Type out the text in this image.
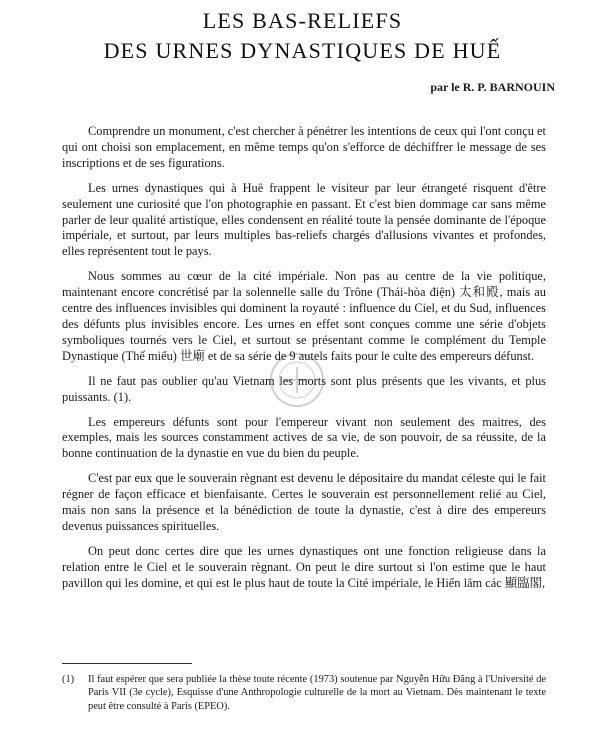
LES BAS-RELIEFS
DES URNES DYNASTIQUES DE HUẾ
par le R. P. BARNOUIN

Comprendre un monument, c'est chercher à pénétrer les intentions de ceux qui l'ont conçu et qui ont choisi son emplacement, en même temps qu'on s'efforce de déchiffrer le message de ses inscriptions et de ses figurations.

Les urnes dynastiques qui à Huê frappent le visiteur par leur étrangeté risquent d'être seulement une curiosité que l'on photographie en passant. Et c'est bien dommage car sans même parler de leur qualité artistique, elles condensent en réalité toute la pensée dominante de l'époque impériale, et surtout, par leurs multiples bas-reliefs chargés d'allusions vivantes et profondes, elles représentent tout le pays.

Nous sommes au cœur de la cité impériale. Non pas au centre de la vie politique, maintenant encore concrétisé par la solennelle salle du Trône (Thái-hòa điện) 太和殿, mais au centre des influences invisibles qui dominent la royauté : influence du Ciel, et du Sud, influences des défunts plus invisibles encore. Les urnes en effet sont conçues comme une série d'objets symboliques tournés vers le Ciel, et surtout se présentant comme le complément du Temple Dynastique (Thế miếu) 世廟 et de sa série de 9 autels faits pour le culte des empereurs défunst.

Il ne faut pas oublier qu'au Vietnam les morts sont plus présents que les vivants, et plus puissants. (1).

Les empereurs défunts sont pour l'empereur vivant non seulement des maitres, des exemples, mais les sources constamment actives de sa vie, de son pouvoir, de sa réussite, de la bonne continuation de la dynastie en vue du bien du peuple.

C'est par eux que le souverain règnant est devenu le dépositaire du mandat céleste qui le fait régner de façon efficace et bienfaisante. Certes le souverain est personnellement relié au Ciel, mais non sans la présence et la bénédiction de toute la dynastie, c'est à dire des empereurs devenus puissances spirituelles.

On peut donc certes dire que les urnes dynastiques ont une fonction religieuse dans la relation entre le Ciel et le souverain règnant. On peut le dire surtout si l'on estime que le haut pavillon qui les domine, et qui est le plus haut de toute la Cité impériale, le Hiển lâm các 顯臨閣,

(1)	Il faut espérer que sera publiée la thèse toute récente (1973) soutenue par Nguyễn Hữu Đăng à l'Université de Paris VII (3e cycle), Esquisse d'une Anthropologie culturelle de la mort au Vietnam. Dès maintenant le texte peut être consulté à Paris (EPEO).
